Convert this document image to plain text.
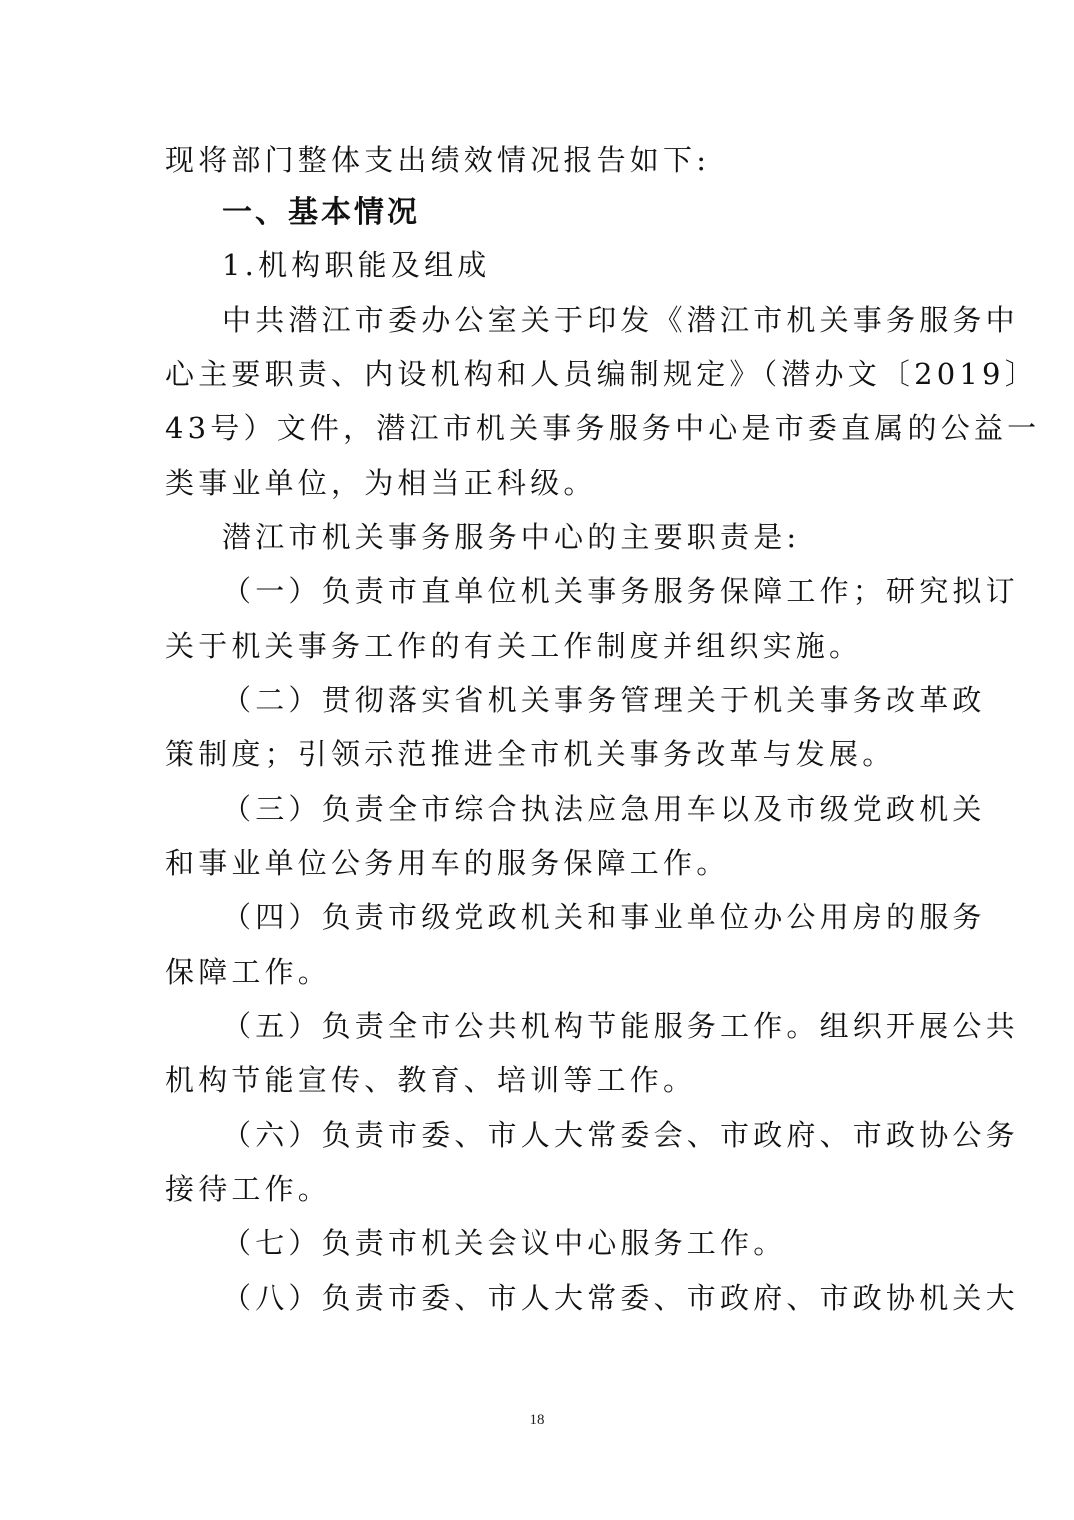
现将部门整体支出绩效情况报告如下:
一、基本情况
1.机构职能及组成
中共潜江市委办公室关于印发《潜江市机关事务服务中
心主要职责、内设机构和人员编制规定》（潜办文〔2019〕
43号）文件，潜江市机关事务服务中心是市委直属的公益一
类事业单位，为相当正科级。
潜江市机关事务服务中心的主要职责是:
（一）负责市直单位机关事务服务保障工作；研究拟订
关于机关事务工作的有关工作制度并组织实施。
（二）贯彻落实省机关事务管理关于机关事务改革政
策制度；引领示范推进全市机关事务改革与发展。
（三）负责全市综合执法应急用车以及市级党政机关
和事业单位公务用车的服务保障工作。
（四）负责市级党政机关和事业单位办公用房的服务
保障工作。
（五）负责全市公共机构节能服务工作。组织开展公共
机构节能宣传、教育、培训等工作。
（六）负责市委、市人大常委会、市政府、市政协公务
接待工作。
（七）负责市机关会议中心服务工作。
（八）负责市委、市人大常委、市政府、市政协机关大
18
